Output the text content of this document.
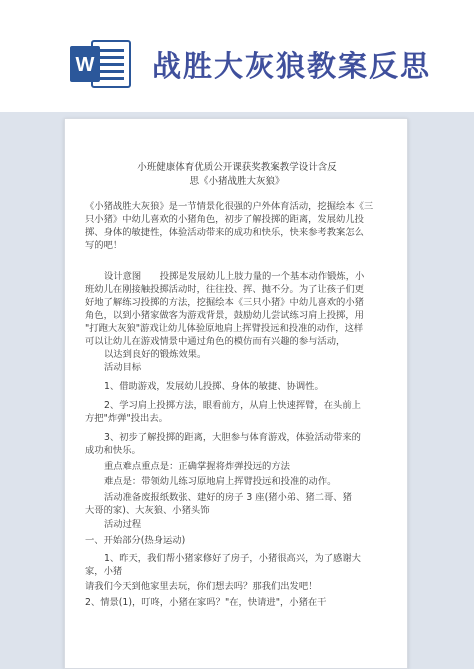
W 战胜大灰狼教案反思
小班健康体育优质公开课获奖教案教学设计含反
思《小猪战胜大灰狼》
《小猪战胜大灰狼》是一节情景化很强的户外体育活动，挖掘绘本《三
只小猪》中幼儿喜欢的小猪角色，初步了解投掷的距离，发展幼儿投
掷、身体的敏捷性，体验活动带来的成功和快乐，快来参考教案怎么
写的吧！
设计意图　　投掷是发展幼儿上肢力量的一个基本动作锻炼，小
班幼儿在刚接触投掷活动时，往往投、挥、抛不分。为了让孩子们更
好地了解练习投掷的方法，挖掘绘本《三只小猪》中幼儿喜欢的小猪
角色，以到小猪家做客为游戏背景，鼓励幼儿尝试练习肩上投掷，用
"打跑大灰狼"游戏让幼儿体验原地肩上挥臂投远和投准的动作，这样
可以让幼儿在游戏情景中通过角色的模仿而有兴趣的参与活动，
以达到良好的锻炼效果。
活动目标
1、借助游戏，发展幼儿投掷、身体的敏捷、协调性。
2、学习肩上投掷方法，眼看前方，从肩上快速挥臂，在头前上
方把"炸弹"投出去。
3、初步了解投掷的距离，大胆参与体育游戏，体验活动带来的
成功和快乐。
重点难点重点是：正确掌握将炸弹投远的方法
难点是：带领幼儿练习原地肩上挥臂投远和投准的动作。
活动准备废报纸数张、建好的房子 3 座(猪小弟、猪二哥、猪
大哥的家)、大灰狼、小猪头饰
活动过程
一、开始部分(热身运动)
1、昨天，我们帮小猪家修好了房子，小猪很高兴，为了感谢大
家，小猪
请我们今天到他家里去玩，你们想去吗？那我们出发吧！
2、情景(1)，叮咚，小猪在家吗？"在，快请进"，小猪在干
